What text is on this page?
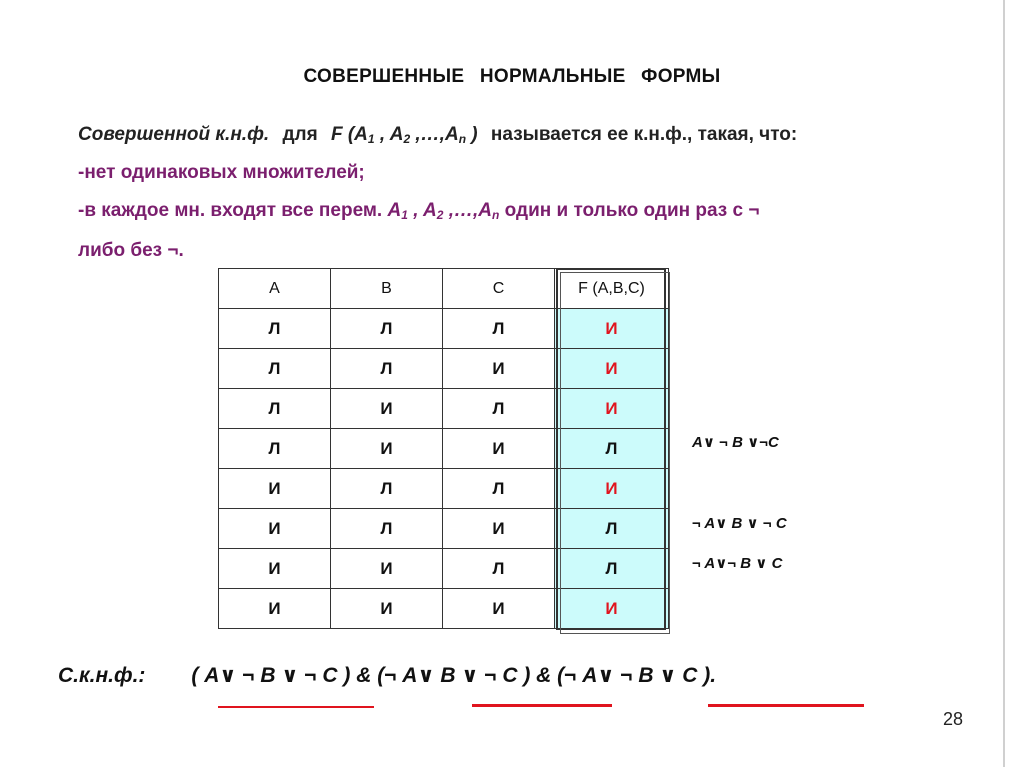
СОВЕРШЕННЫЕ НОРМАЛЬНЫЕ ФОРМЫ
Совершенной к.н.ф. для F ($A_1$ , $A_2$ $,\dots,A_n$ ) называется ее к.н.ф., такая, что:
-нет одинаковых множителей;
-в каждое мн. входят все перем. $A_1$ , $A_2$ $,\dots,A_n$ один и только один раз с ¬
либо без ¬.
A	B	C	F (A,B,C)
Л	Л	Л	И
Л	Л	И	И
Л	И	Л	И
Л	И	И	Л
И	Л	Л	И
И	Л	И	Л
И	И	Л	Л
И	И	И	И
A∨ ¬ B ∨¬C
¬ A∨ B ∨ ¬ C
¬ A∨¬ B ∨ C
С.к.н.ф.: ( A∨ ¬ B ∨ ¬ C ) & (¬ A∨ B ∨ ¬ C ) & (¬ A∨ ¬ B ∨ C ).
28
